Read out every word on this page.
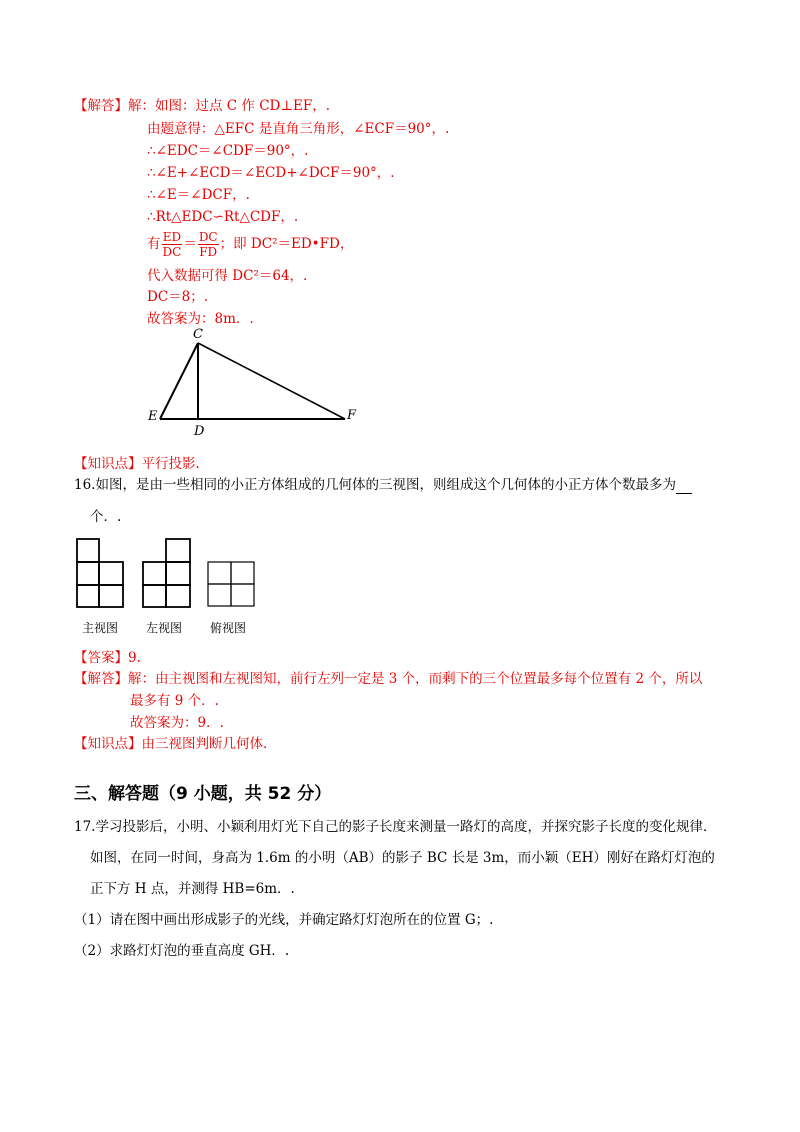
【解答】解：如图：过点 C 作 CD⊥EF，.
由题意得：△EFC 是直角三角形，∠ECF＝90°，.
∴∠EDC＝∠CDF＝90°，.
∴∠E+∠ECD＝∠ECD+∠DCF＝90°，.
∴∠E＝∠DCF，.
∴Rt△EDC∽Rt△CDF，.
有 $\frac{ED}{DC} = \frac{DC}{FD}$ ；即 DC²＝ED•FD，
代入数据可得 DC²＝64，.
DC＝8；.
故答案为：8m．.
C
E
D
F
【知识点】平行投影.
16.如图，是由一些相同的小正方体组成的几何体的三视图，则组成这个几何体的小正方体个数最多为
个．.
主视图 左视图 俯视图
【答案】9.
【解答】解：由主视图和左视图知，前行左列一定是 3 个，而剩下的三个位置最多每个位置有 2 个，所以
最多有 9 个．.
故答案为：9．.
【知识点】由三视图判断几何体.
三、解答题（9 小题，共 52 分）
17.学习投影后，小明、小颖利用灯光下自己的影子长度来测量一路灯的高度，并探究影子长度的变化规律．
如图，在同一时间，身高为 1.6m 的小明（AB）的影子 BC 长是 3m，而小颖（EH）刚好在路灯灯泡的
正下方 H 点，并测得 HB=6m．.
（1）请在图中画出形成影子的光线，并确定路灯灯泡所在的位置 G；.
（2）求路灯灯泡的垂直高度 GH．.
